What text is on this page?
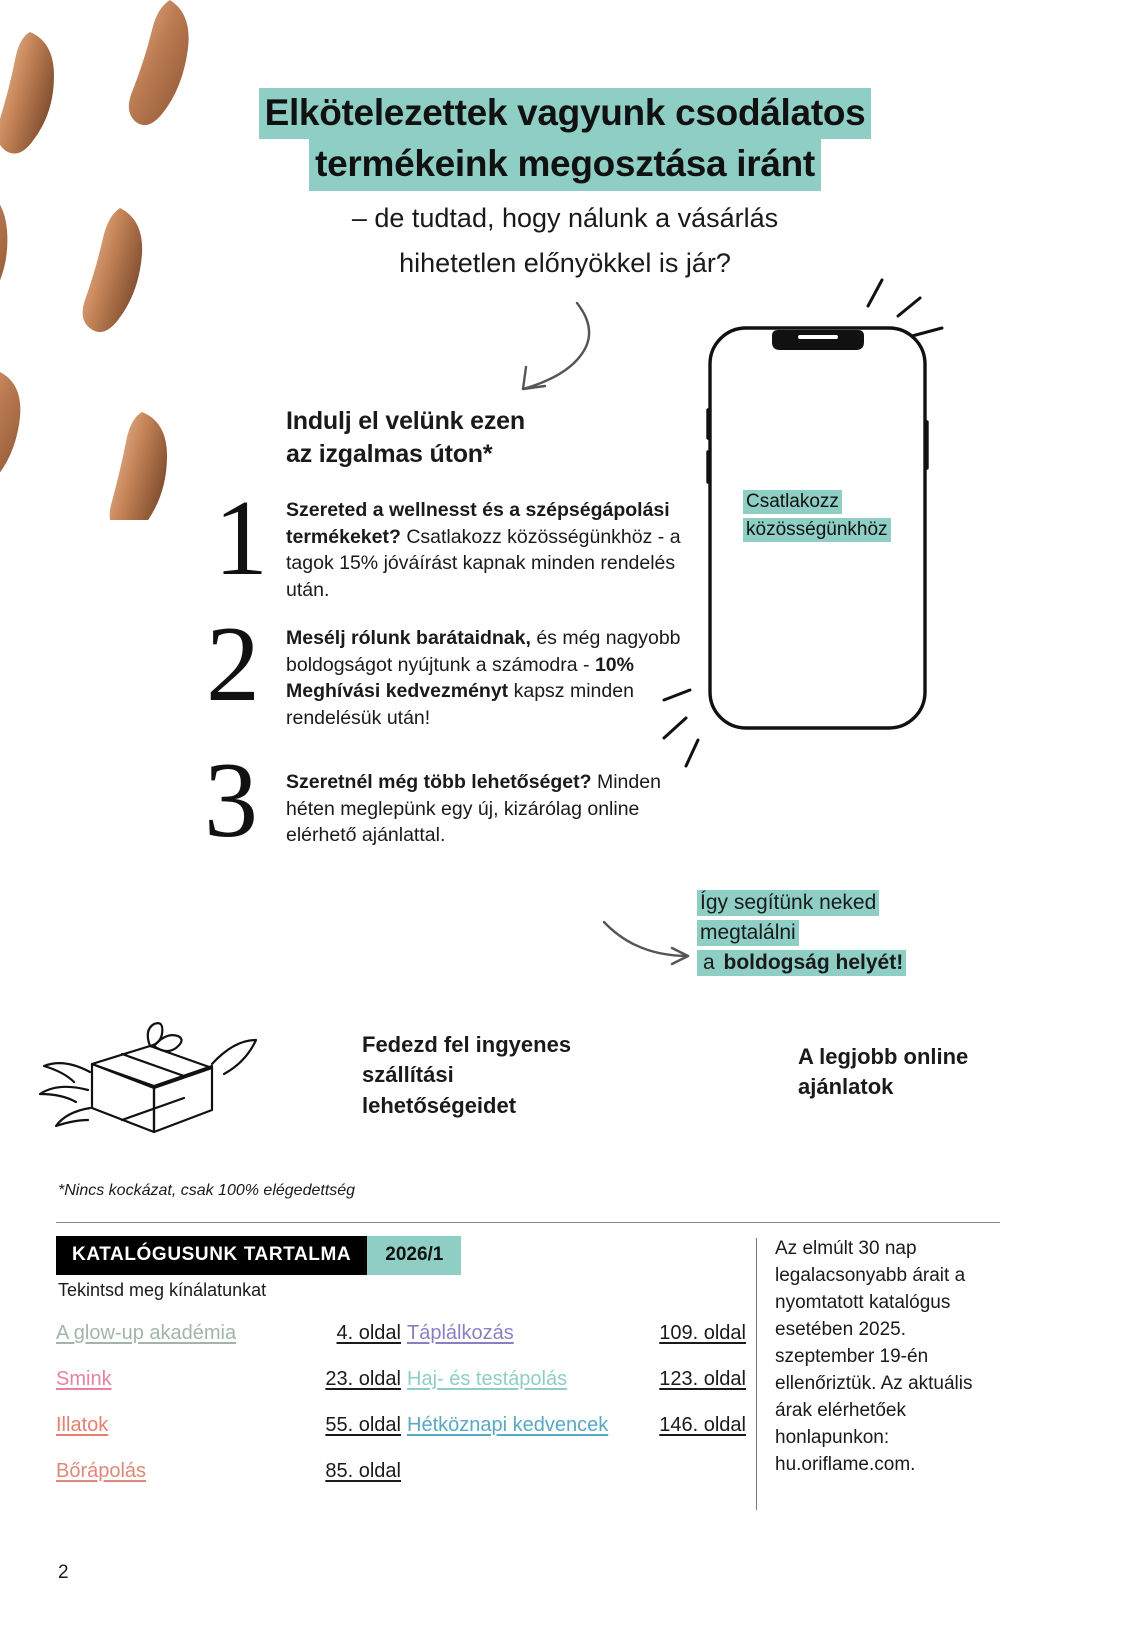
Elkötelezettek vagyunk csodálatos
termékeink megosztása iránt
– de tudtad, hogy nálunk a vásárlás
hihetetlen előnyökkel is jár?
Indulj el velünk ezen
az izgalmas úton*
1 Szereted a wellnesst és a szépségápolási termékeket? Csatlakozz közösségünkhöz - a tagok 15% jóváírást kapnak minden rendelés után.
2 Mesélj rólunk barátaidnak, és még nagyobb boldogságot nyújtunk a számodra - 10% Meghívási kedvezményt kapsz minden rendelésük után!
3 Szeretnél még több lehetőséget? Minden héten meglepünk egy új, kizárólag online elérhető ajánlattal.
Csatlakozz
közösségünkhöz
Így segítünk neked
megtalálni
a boldogság helyét!
Fedezd fel ingyenes
szállítási
lehetőségeidet
A legjobb online
ajánlatok
*Nincs kockázat, csak 100% elégedettség
KATALÓGUSUNK TARTALMA	2026/1
Tekintsd meg kínálatunkat
A glow-up akadémia	4. oldal
Smink	23. oldal
Illatok	55. oldal
Bőrápolás	85. oldal
Táplálkozás	109. oldal
Haj- és testápolás	123. oldal
Hétköznapi kedvencek	146. oldal
Az elmúlt 30 nap legalacsonyabb árait a nyomtatott katalógus esetében 2025. szeptember 19-én ellenőriztük. Az aktuális árak elérhetőek honlapunkon: hu.oriflame.com.
2
